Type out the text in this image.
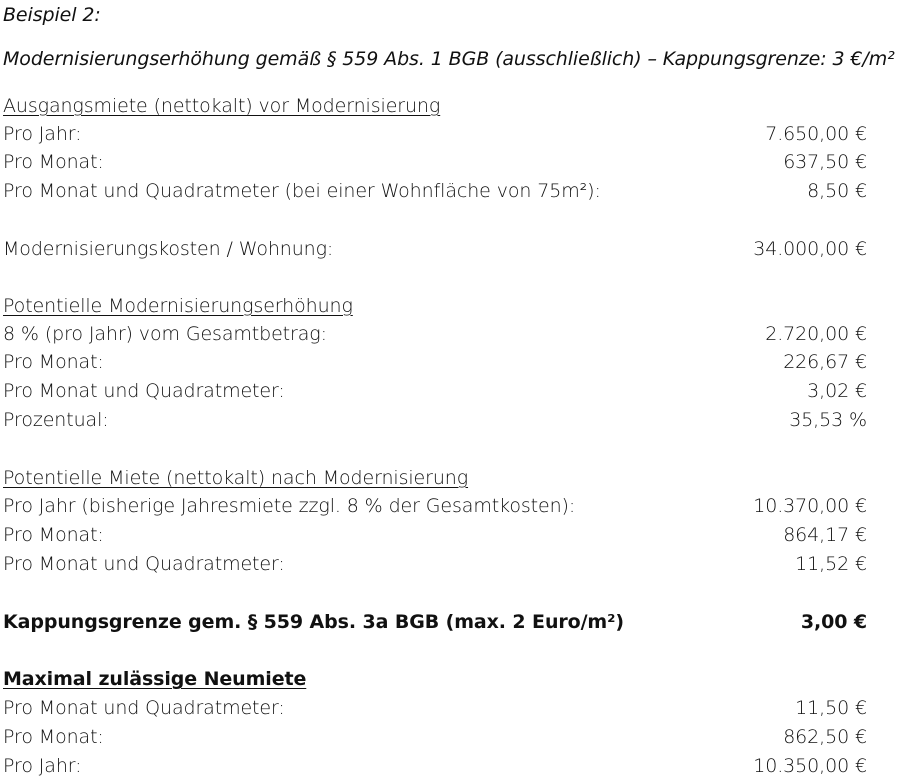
Beispiel 2:
Modernisierungserhöhung gemäß § 559 Abs. 1 BGB (ausschließlich) – Kappungsgrenze: 3 €/m²
Ausgangsmiete (nettokalt) vor Modernisierung
Pro Jahr:	7.650,00 €
Pro Monat:	637,50 €
Pro Monat und Quadratmeter (bei einer Wohnfläche von 75m²):	8,50 €
Modernisierungskosten / Wohnung:	34.000,00 €
Potentielle Modernisierungserhöhung
8 % (pro Jahr) vom Gesamtbetrag:	2.720,00 €
Pro Monat:	226,67 €
Pro Monat und Quadratmeter:	3,02 €
Prozentual:	35,53 %
Potentielle Miete (nettokalt) nach Modernisierung
Pro Jahr (bisherige Jahresmiete zzgl. 8 % der Gesamtkosten):	10.370,00 €
Pro Monat:	864,17 €
Pro Monat und Quadratmeter:	11,52 €
Kappungsgrenze gem. § 559 Abs. 3a BGB (max. 2 Euro/m²)	3,00 €
Maximal zulässige Neumiete
Pro Monat und Quadratmeter:	11,50 €
Pro Monat:	862,50 €
Pro Jahr:	10.350,00 €
